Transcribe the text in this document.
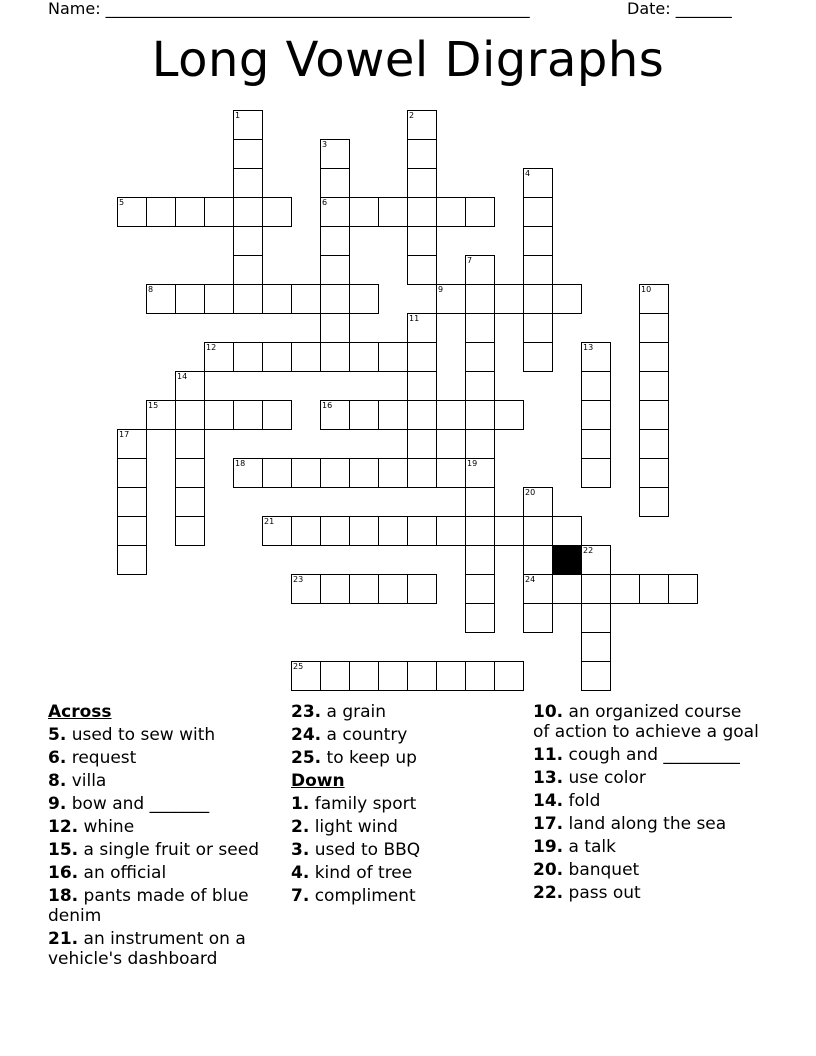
Name: _____________________________________________________	Date: _______
Long Vowel Digraphs
5	6
8	9
12
15	16
18	19
21
23	24
25
1	2
3
4
7
10
11
13
14
17
20
22
Across
5. used to sew with
6. request
8. villa
9. bow and _______
12. whine
15. a single fruit or seed
16. an official
18. pants made of blue denim
21. an instrument on a vehicle's dashboard
23. a grain
24. a country
25. to keep up
Down
1. family sport
2. light wind
3. used to BBQ
4. kind of tree
7. compliment
10. an organized course of action to achieve a goal
11. cough and _________
13. use color
14. fold
17. land along the sea
19. a talk
20. banquet
22. pass out
